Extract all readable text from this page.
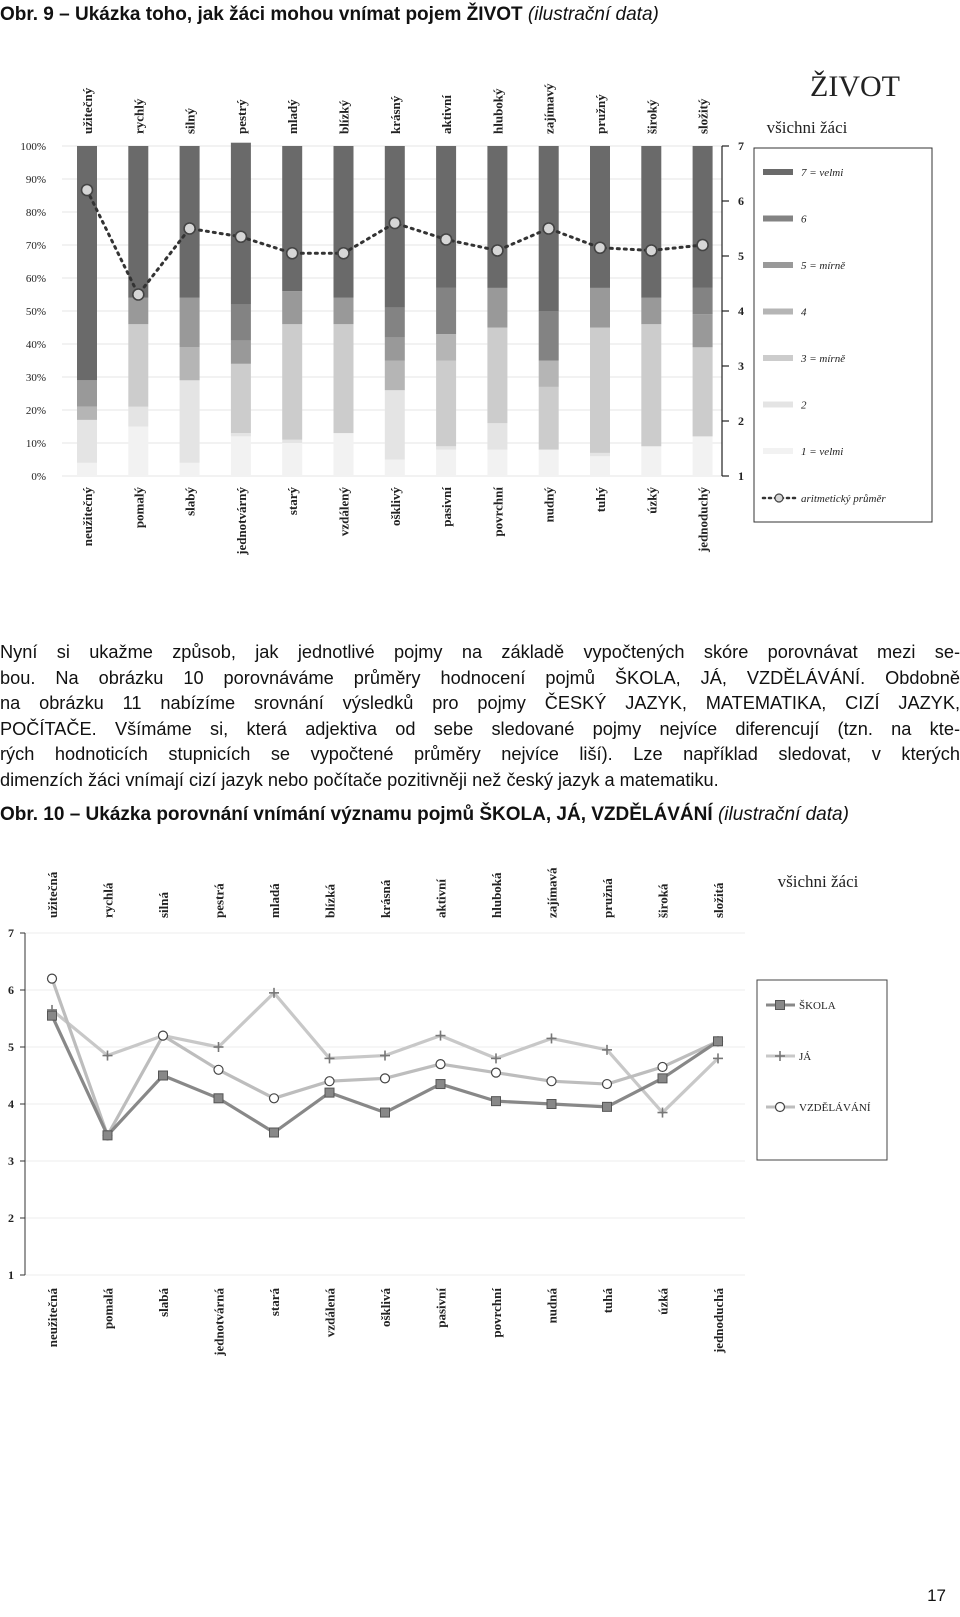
Obr. 9 – Ukázka toho, jak žáci mohou vnímat pojem ŽIVOT (ilustrační data)
100%
90%
80%
70%
60%
50%
40%
30%
20%
10%
0%
7
6
5
4
3
2
1
užitečný
neužitečný
rychlý
pomalý
silný
slabý
pestrý
jednotvárný
mladý
starý
blízký
vzdálený
krásný
ošklivý
aktivní
pasivní
hluboký
povrchní
zajímavý
nudný
pružný
tuhý
široký
úzký
složitý
jednoduchý
ŽIVOT
všichni žáci
7 = velmi
6
5 = mírně
4
3 = mírně
2
1 = velmi
aritmetický průměr
Nyní si ukažme způsob, jak jednotlivé pojmy na základě vypočtených skóre porovnávat mezi se-
bou. Na obrázku 10 porovnáváme průměry hodnocení pojmů ŠKOLA, JÁ, VZDĚLÁVÁNÍ. Obdobně
na obrázku 11 nabízíme srovnání výsledků pro pojmy ČESKÝ JAZYK, MATEMATIKA, CIZÍ JAZYK,
POČÍTAČE. Všímáme si, která adjektiva od sebe sledované pojmy nejvíce diferencují (tzn. na kte-
rých hodnoticích stupnicích se vypočtené průměry nejvíce liší). Lze například sledovat, v kterých
dimenzích žáci vnímají cizí jazyk nebo počítače pozitivněji než český jazyk a matematiku.
Obr. 10 – Ukázka porovnání vnímání významu pojmů ŠKOLA, JÁ, VZDĚLÁVÁNÍ (ilustrační data)
7
6
5
4
3
2
1
užitečná
neužitečná
rychlá
pomalá
silná
slabá
pestrá
jednotvárná
mladá
stará
blízká
vzdálená
krásná
ošklivá
aktivní
pasivní
hluboká
povrchní
zajímavá
nudná
pružná
tuhá
široká
úzká
složitá
jednoduchá
všichni žáci
ŠKOLA
JÁ
VZDĚLÁVÁNÍ
17
